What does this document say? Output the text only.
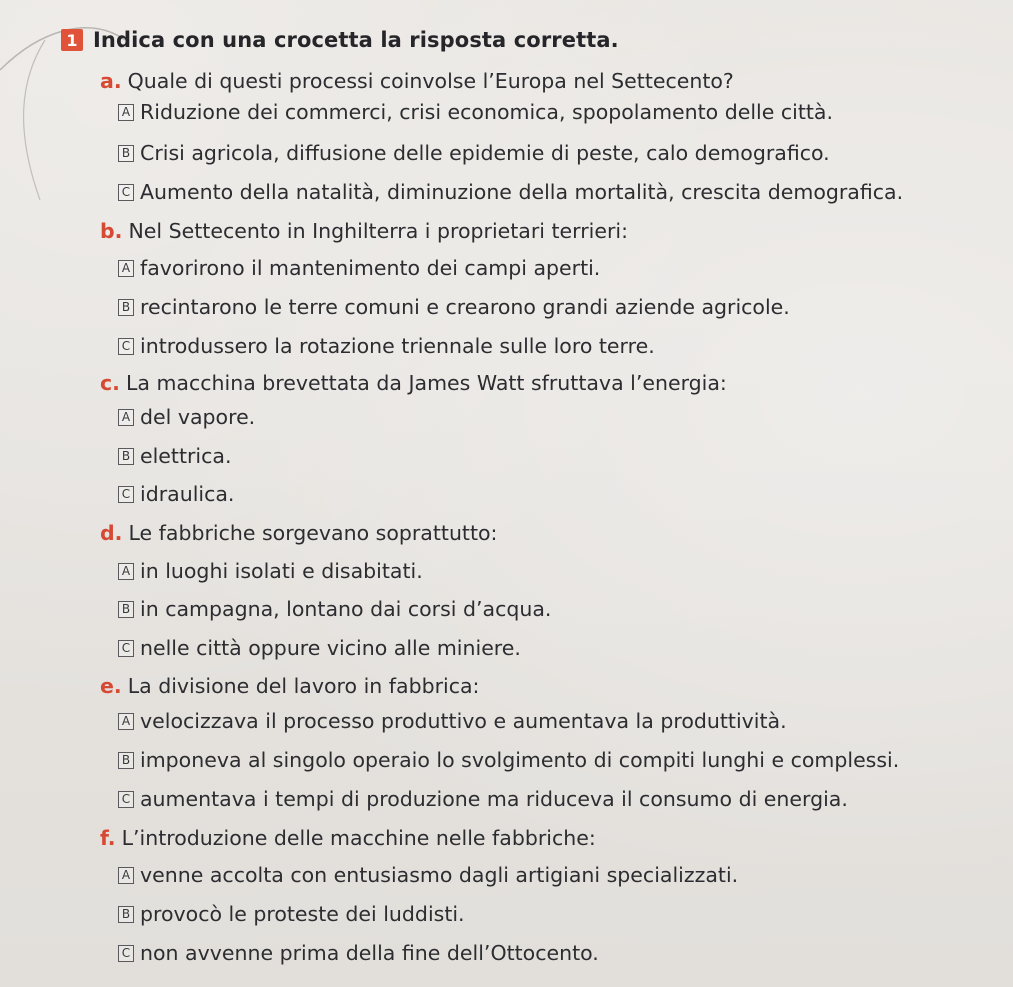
1 Indica con una crocetta la risposta corretta.
a. Quale di questi processi coinvolse l’Europa nel Settecento?
A Riduzione dei commerci, crisi economica, spopolamento delle città.
B Crisi agricola, diffusione delle epidemie di peste, calo demografico.
C Aumento della natalità, diminuzione della mortalità, crescita demografica.
b. Nel Settecento in Inghilterra i proprietari terrieri:
A favorirono il mantenimento dei campi aperti.
B recintarono le terre comuni e crearono grandi aziende agricole.
C introdussero la rotazione triennale sulle loro terre.
c. La macchina brevettata da James Watt sfruttava l’energia:
A del vapore.
B elettrica.
C idraulica.
d. Le fabbriche sorgevano soprattutto:
A in luoghi isolati e disabitati.
B in campagna, lontano dai corsi d’acqua.
C nelle città oppure vicino alle miniere.
e. La divisione del lavoro in fabbrica:
A velocizzava il processo produttivo e aumentava la produttività.
B imponeva al singolo operaio lo svolgimento di compiti lunghi e complessi.
C aumentava i tempi di produzione ma riduceva il consumo di energia.
f. L’introduzione delle macchine nelle fabbriche:
A venne accolta con entusiasmo dagli artigiani specializzati.
B provocò le proteste dei luddisti.
C non avvenne prima della fine dell’Ottocento.
